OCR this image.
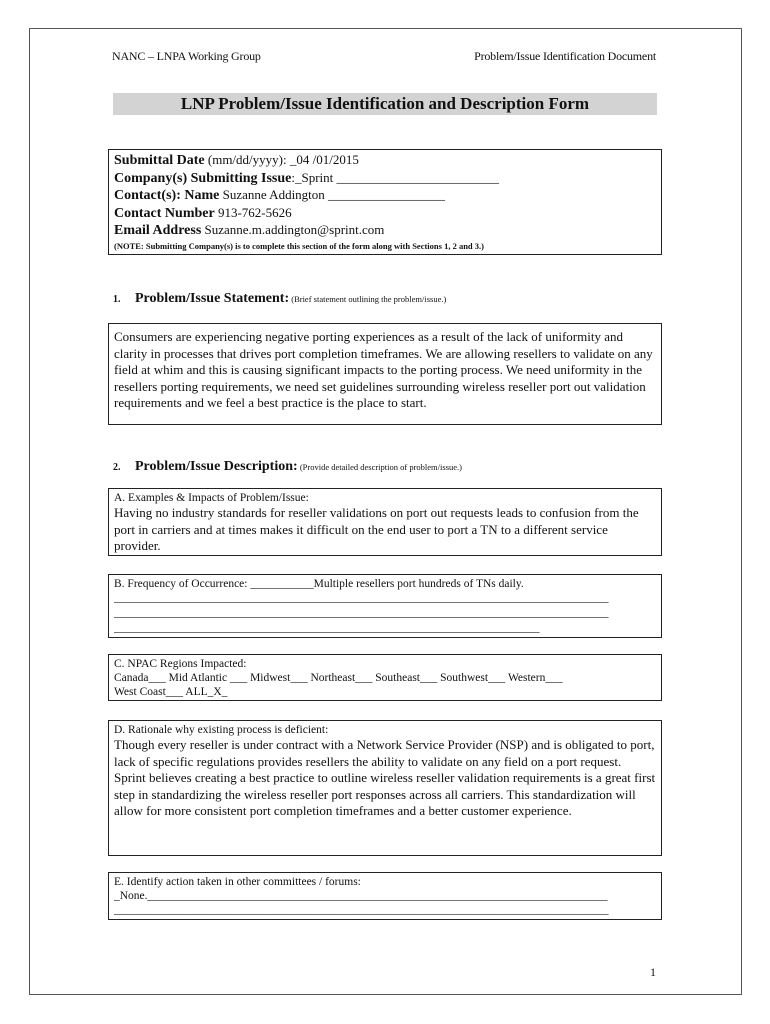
NANC – LNPA Working Group	Problem/Issue Identification Document
LNP Problem/Issue Identification and Description Form
Submittal Date (mm/dd/yyyy): _04 /01/2015
Company(s) Submitting Issue:_Sprint _________________________
Contact(s): Name Suzanne Addington __________________
Contact Number 913-762-5626
Email Address Suzanne.m.addington@sprint.com
(NOTE: Submitting Company(s) is to complete this section of the form along with Sections 1, 2 and 3.)
1. Problem/Issue Statement: (Brief statement outlining the problem/issue.)
Consumers are experiencing negative porting experiences as a result of the lack of uniformity and clarity in processes that drives port completion timeframes. We are allowing resellers to validate on any field at whim and this is causing significant impacts to the porting process. We need uniformity in the resellers porting requirements, we need set guidelines surrounding wireless reseller port out validation requirements and we feel a best practice is the place to start.
2. Problem/Issue Description: (Provide detailed description of problem/issue.)
A. Examples & Impacts of Problem/Issue:
Having no industry standards for reseller validations on port out requests leads to confusion from the port in carriers and at times makes it difficult on the end user to port a TN to a different service provider.
B. Frequency of Occurrence: ___________Multiple resellers port hundreds of TNs daily.
______________________________________________________________________________________
______________________________________________________________________________________
__________________________________________________________________________
C. NPAC Regions Impacted:
Canada___ Mid Atlantic ___ Midwest___ Northeast___ Southeast___ Southwest___ Western___
West Coast___ ALL_X_
D. Rationale why existing process is deficient:
Though every reseller is under contract with a Network Service Provider (NSP) and is obligated to port, lack of specific regulations provides resellers the ability to validate on any field on a port request. Sprint believes creating a best practice to outline wireless reseller validation requirements is a great first step in standardizing the wireless reseller port responses across all carriers. This standardization will allow for more consistent port completion timeframes and a better customer experience.
E. Identify action taken in other committees / forums:
_None.________________________________________________________________________________
______________________________________________________________________________________
1
